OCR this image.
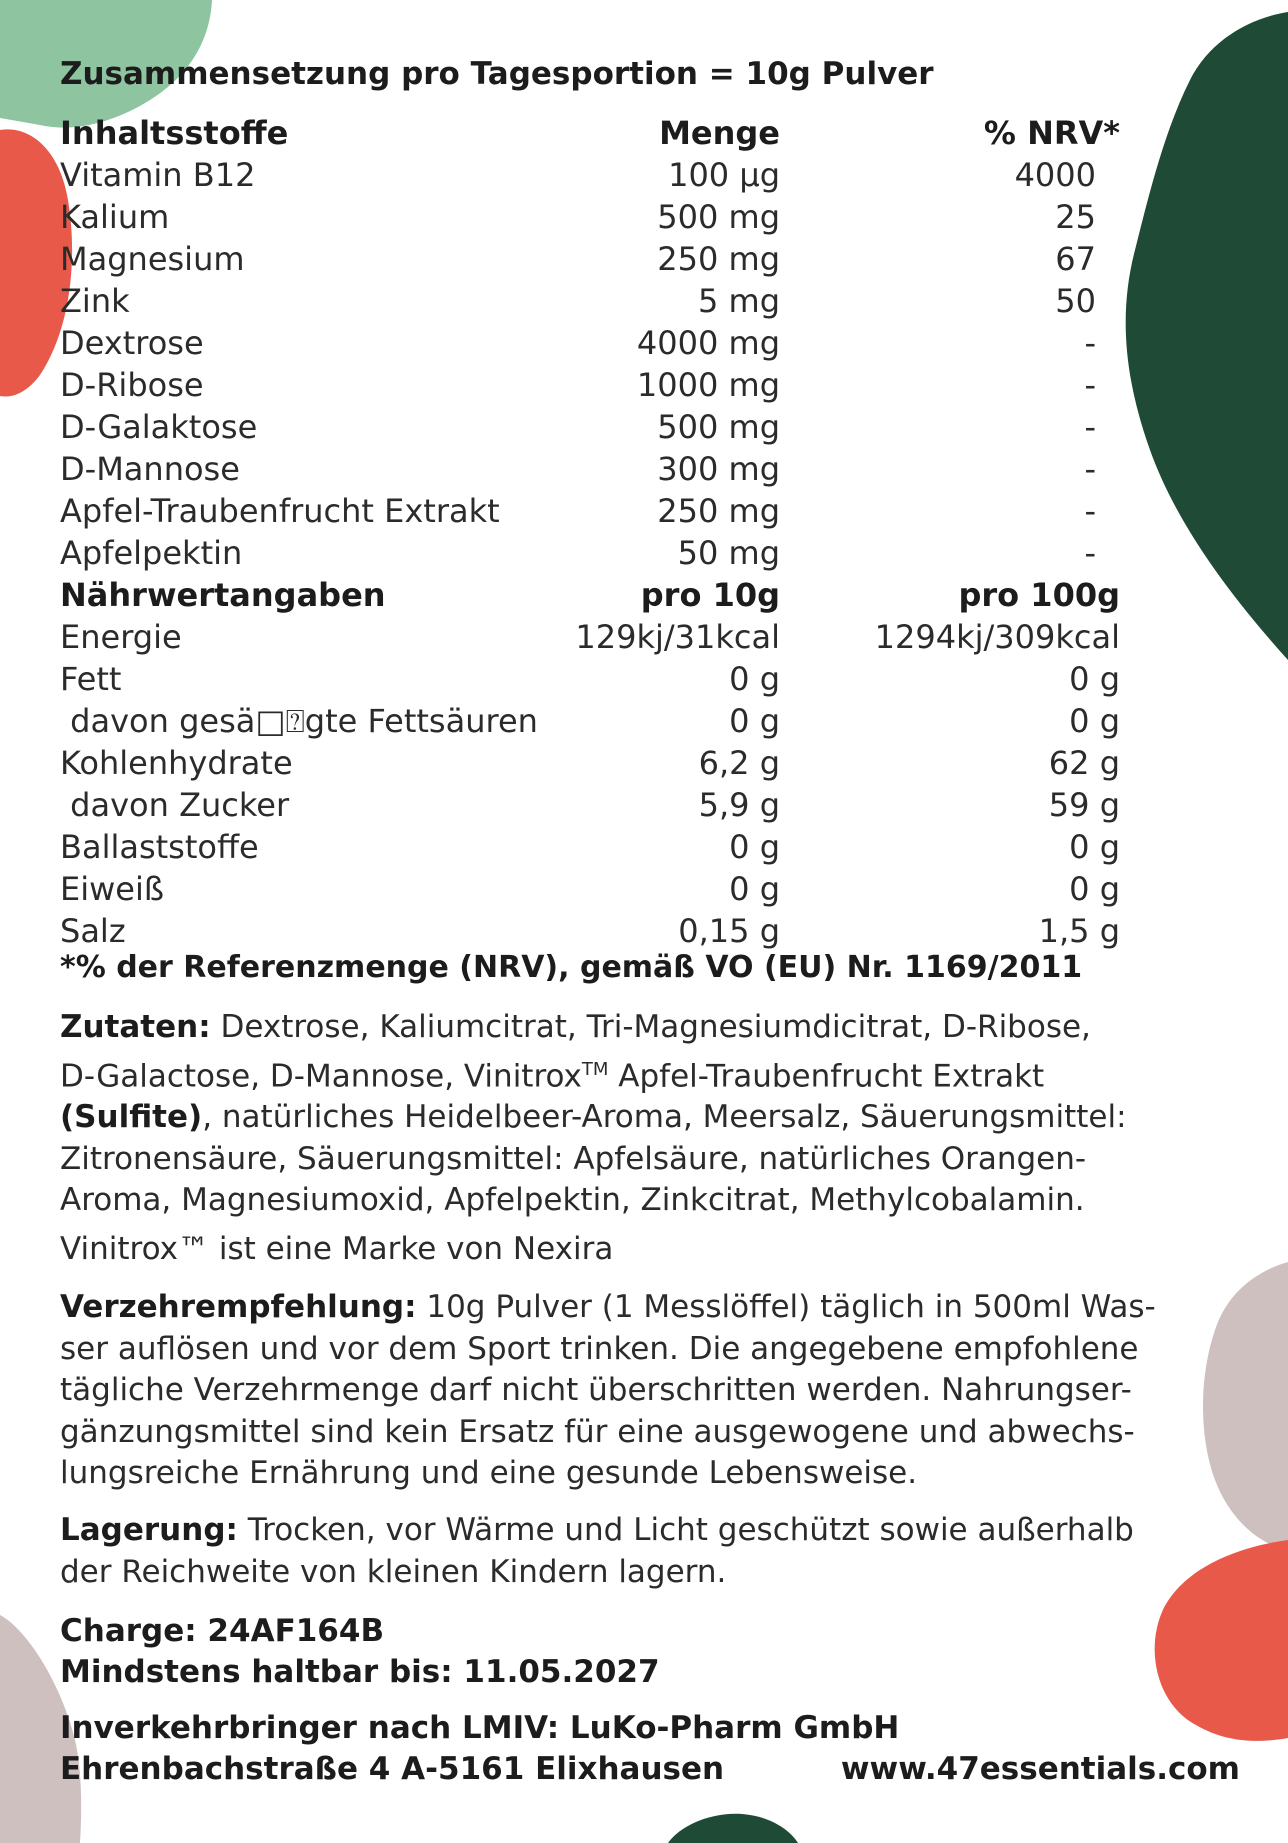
Zusammensetzung pro Tagesportion = 10g Pulver
Inhaltsstoffe	Menge	% NRV*
Vitamin B12	100 µg	4000
Kalium	500 mg	25
Magnesium	250 mg	67
Zink	5 mg	50
Dextrose	4000 mg	-
D-Ribose	1000 mg	-
D-Galaktose	500 mg	-
D-Mannose	300 mg	-
Apfel-Traubenfrucht Extrakt	250 mg	-
Apfelpektin	50 mg	-
Nährwertangaben	pro 10g	pro 100g
Energie	129kj/31kcal	1294kj/309kcal
Fett	0 g	0 g
davon gesä□⍰gte Fettsäuren	0 g	0 g
Kohlenhydrate	6,2 g	62 g
davon Zucker	5,9 g	59 g
Ballaststoffe	0 g	0 g
Eiweiß	0 g	0 g
Salz	0,15 g	1,5 g
*% der Referenzmenge (NRV), gemäß VO (EU) Nr. 1169/2011
Zutaten: Dextrose, Kaliumcitrat, Tri-Magnesiumdicitrat, D-Ribose,
D-Galactose, D-Mannose, Vinitrox™ Apfel-Traubenfrucht Extrakt
(Sulfite), natürliches Heidelbeer-Aroma, Meersalz, Säuerungsmittel:
Zitronensäure, Säuerungsmittel: Apfelsäure, natürliches Orangen-
Aroma, Magnesiumoxid, Apfelpektin, Zinkcitrat, Methylcobalamin.
Vinitrox™ ist eine Marke von Nexira
Verzehrempfehlung: 10g Pulver (1 Messlöffel) täglich in 500ml Was-
ser auflösen und vor dem Sport trinken. Die angegebene empfohlene
tägliche Verzehrmenge darf nicht überschritten werden. Nahrungser-
gänzungsmittel sind kein Ersatz für eine ausgewogene und abwechs-
lungsreiche Ernährung und eine gesunde Lebensweise.
Lagerung: Trocken, vor Wärme und Licht geschützt sowie außerhalb
der Reichweite von kleinen Kindern lagern.
Charge: 24AF164B
Mindstens haltbar bis: 11.05.2027
Inverkehrbringer nach LMIV: LuKo-Pharm GmbH
Ehrenbachstraße 4 A-5161 Elixhausen	www.47essentials.com
